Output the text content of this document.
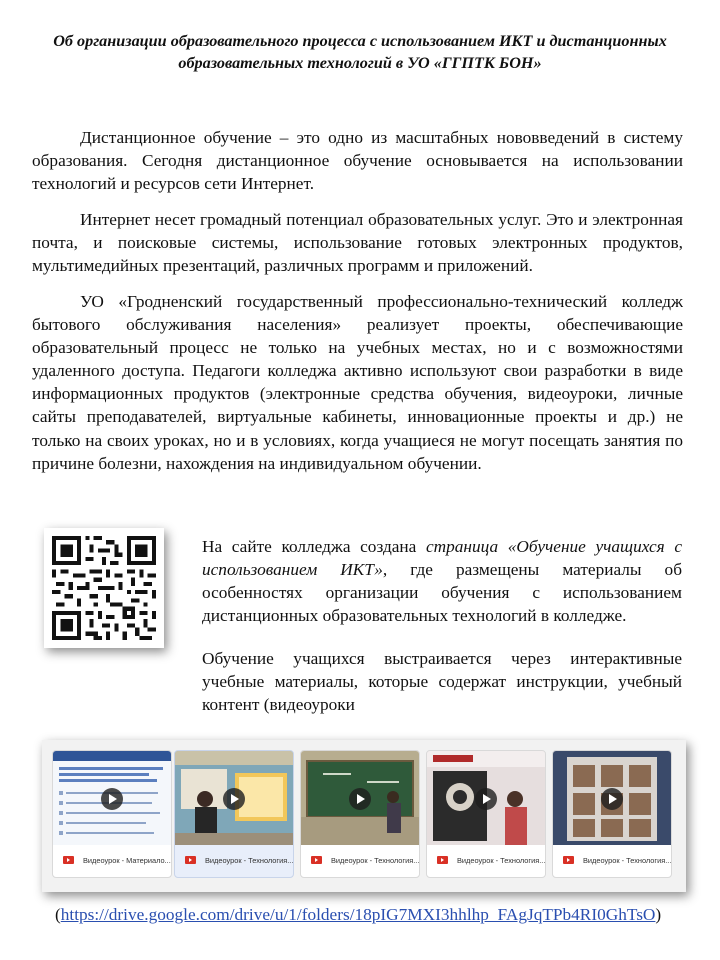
Об организации образовательного процесса с использованием ИКТ и дистанционных образовательных технологий в УО «ГГПТК БОН»

Дистанционное обучение – это одно из масштабных нововведений в систему образования. Сегодня дистанционное обучение основывается на использовании технологий и ресурсов сети Интернет.

Интернет несет громадный потенциал образовательных услуг. Это и электронная почта, и поисковые системы, использование готовых электронных продуктов, мультимедийных презентаций, различных программ и приложений.

УО «Гродненский государственный профессионально-технический колледж бытового обслуживания населения» реализует проекты, обеспечивающие образовательный процесс не только на учебных местах, но и с возможностями удаленного доступа. Педагоги колледжа активно используют свои разработки в виде информационных продуктов (электронные средства обучения, видеоуроки, личные сайты преподавателей, виртуальные кабинеты, инновационные проекты и др.) не только на своих уроках, но и в условиях, когда учащиеся не могут посещать занятия по причине болезни, нахождения на индивидуальном обучении.

На сайте колледжа создана страница «Обучение учащихся с использованием ИКТ», где размещены материалы об особенностях организации обучения с использованием дистанционных образовательных технологий в колледже.

Обучение учащихся выстраивается через интерактивные учебные материалы, которые содержат инструкции, учебный контент (видеоуроки

Видеоурок - Материало...	Видеоурок - Технология...	Видеоурок - Технология...	Видеоурок - Технология...	Видеоурок - Технология...

(https://drive.google.com/drive/u/1/folders/18pIG7MXI3hhlhp_FAgJqTPb4RI0GhTsO)
